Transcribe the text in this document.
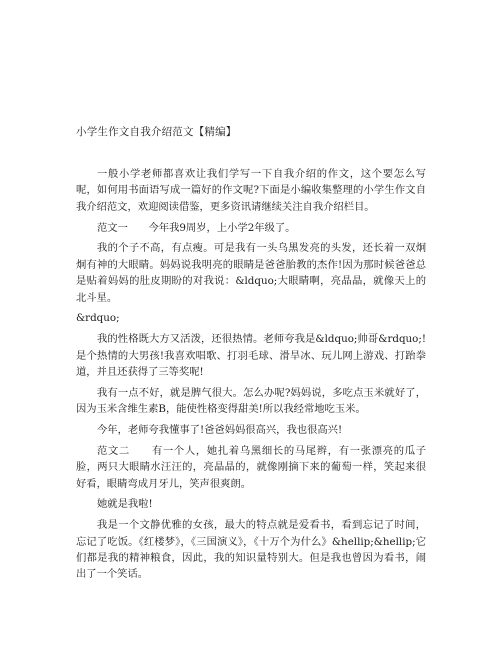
小学生作文自我介绍范文【精编】

一般小学老师都喜欢让我们学写一下自我介绍的作文，这个要怎么写呢，如何用书面语写成一篇好的作文呢?下面是小编收集整理的小学生作文自我介绍范文，欢迎阅读借鉴，更多资讯请继续关注自我介绍栏目。

范文一　　今年我9周岁，上小学2年级了。

我的个子不高，有点瘦。可是我有一头乌黑发亮的头发，还长着一双炯炯有神的大眼睛。妈妈说我明亮的眼睛是爸爸胎教的杰作!因为那时候爸爸总是贴着妈妈的肚皮期盼的对我说：&ldquo;大眼睛啊，亮晶晶，就像天上的北斗星。

&rdquo;

我的性格既大方又活泼，还很热情。老师夸我是&ldquo;帅哥&rdquo;!是个热情的大男孩!我喜欢唱歌、打羽毛球、滑旱冰、玩儿网上游戏、打跆拳道，并且还获得了三等奖呢!

我有一点不好，就是脾气很大。怎么办呢?妈妈说，多吃点玉米就好了，因为玉米含维生素B，能使性格变得甜美!所以我经常地吃玉米。

今年，老师夸我懂事了!爸爸妈妈很高兴，我也很高兴!

范文二　　有一个人，她扎着乌黑细长的马尾辫，有一张漂亮的瓜子脸，两只大眼睛水汪汪的，亮晶晶的，就像刚摘下来的葡萄一样，笑起来很好看，眼睛弯成月牙儿，笑声很爽朗。

她就是我啦!

我是一个文静优雅的女孩，最大的特点就是爱看书，看到忘记了时间，忘记了吃饭。《红楼梦》，《三国演义》，《十万个为什么》&hellip;&hellip;它们都是我的精神粮食，因此，我的知识量特别大。但是我也曾因为看书，闹出了一个笑话。
